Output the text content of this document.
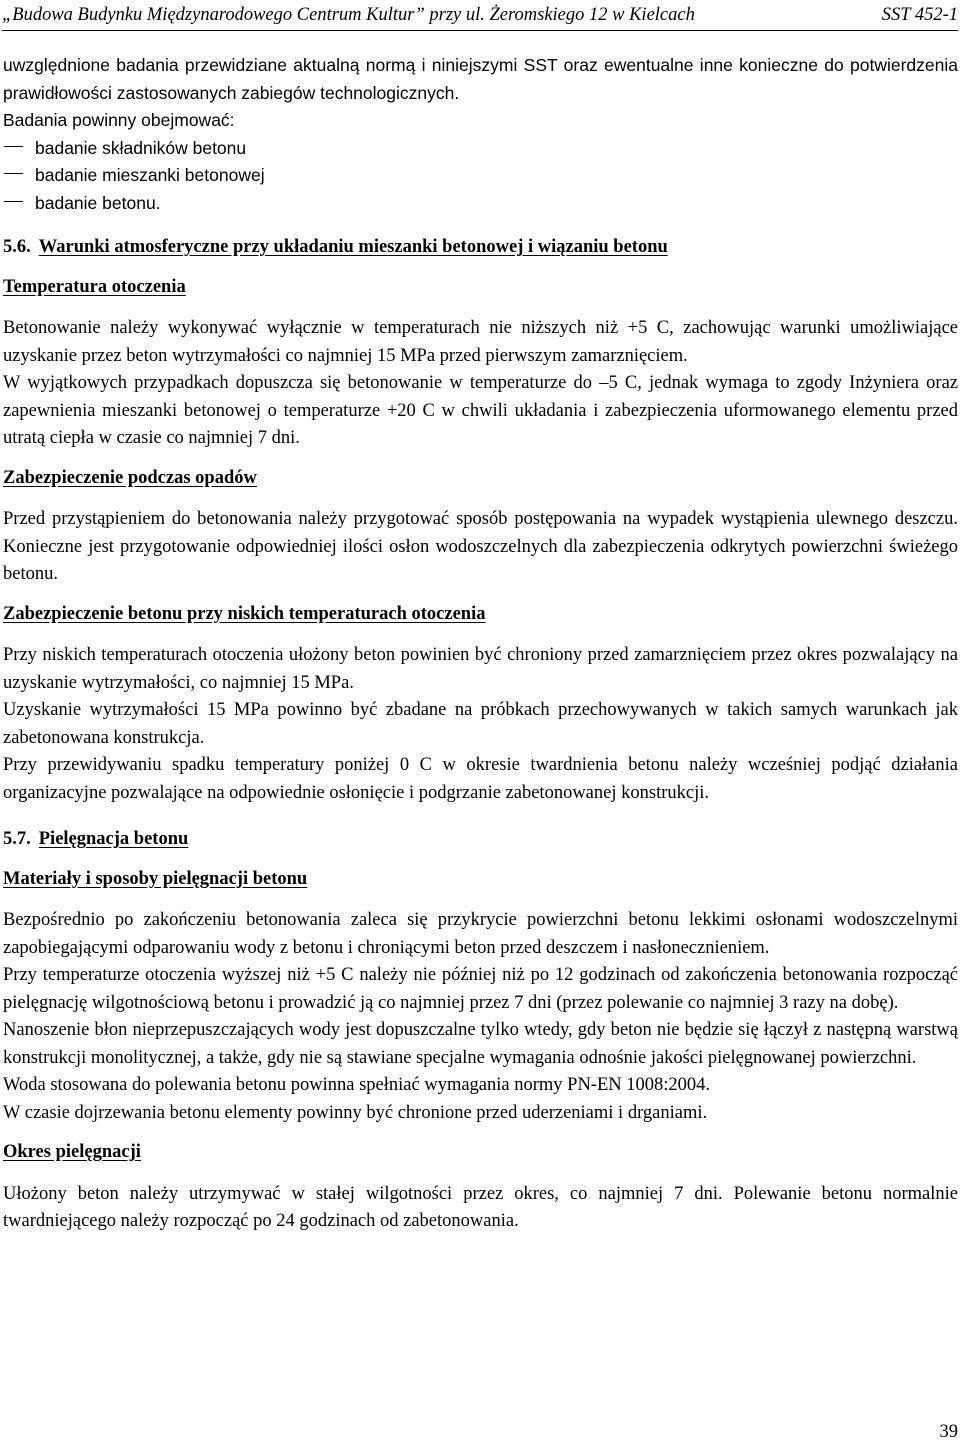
„Budowa Budynku Międzynarodowego Centrum Kultur” przy ul. Żeromskiego 12 w Kielcach	SST 452-1

uwzględnione badania przewidziane aktualną normą i niniejszymi SST oraz ewentualne inne konieczne do potwierdzenia prawidłowości zastosowanych zabiegów technologicznych.

Badania powinny obejmować:

badanie składników betonu
badanie mieszanki betonowej
badanie betonu.
5.6. Warunki atmosferyczne przy układaniu mieszanki betonowej i wiązaniu betonu
Temperatura otoczenia

Betonowanie należy wykonywać wyłącznie w temperaturach nie niższych niż +5 C, zachowując warunki umożliwiające uzyskanie przez beton wytrzymałości co najmniej 15 MPa przed pierwszym zamarznięciem.

W wyjątkowych przypadkach dopuszcza się betonowanie w temperaturze do –5 C, jednak wymaga to zgody Inżyniera oraz zapewnienia mieszanki betonowej o temperaturze +20 C w chwili układania i zabezpieczenia uformowanego elementu przed utratą ciepła w czasie co najmniej 7 dni.

Zabezpieczenie podczas opadów

Przed przystąpieniem do betonowania należy przygotować sposób postępowania na wypadek wystąpienia ulewnego deszczu. Konieczne jest przygotowanie odpowiedniej ilości osłon wodoszczelnych dla zabezpieczenia odkrytych powierzchni świeżego betonu.

Zabezpieczenie betonu przy niskich temperaturach otoczenia

Przy niskich temperaturach otoczenia ułożony beton powinien być chroniony przed zamarznięciem przez okres pozwalający na uzyskanie wytrzymałości, co najmniej 15 MPa.

Uzyskanie wytrzymałości 15 MPa powinno być zbadane na próbkach przechowywanych w takich samych warunkach jak zabetonowana konstrukcja.

Przy przewidywaniu spadku temperatury poniżej 0 C w okresie twardnienia betonu należy wcześniej podjąć działania organizacyjne pozwalające na odpowiednie osłonięcie i podgrzanie zabetonowanej konstrukcji.

5.7. Pielęgnacja betonu
Materiały i sposoby pielęgnacji betonu

Bezpośrednio po zakończeniu betonowania zaleca się przykrycie powierzchni betonu lekkimi osłonami wodoszczelnymi zapobiegającymi odparowaniu wody z betonu i chroniącymi beton przed deszczem i nasłonecznieniem.

Przy temperaturze otoczenia wyższej niż +5 C należy nie później niż po 12 godzinach od zakończenia betonowania rozpocząć pielęgnację wilgotnościową betonu i prowadzić ją co najmniej przez 7 dni (przez polewanie co najmniej 3 razy na dobę).

Nanoszenie błon nieprzepuszczających wody jest dopuszczalne tylko wtedy, gdy beton nie będzie się łączył z następną warstwą konstrukcji monolitycznej, a także, gdy nie są stawiane specjalne wymagania odnośnie jakości pielęgnowanej powierzchni.

Woda stosowana do polewania betonu powinna spełniać wymagania normy PN-EN 1008:2004.

W czasie dojrzewania betonu elementy powinny być chronione przed uderzeniami i drganiami.

Okres pielęgnacji

Ułożony beton należy utrzymywać w stałej wilgotności przez okres, co najmniej 7 dni. Polewanie betonu normalnie twardniejącego należy rozpocząć po 24 godzinach od zabetonowania.

39
